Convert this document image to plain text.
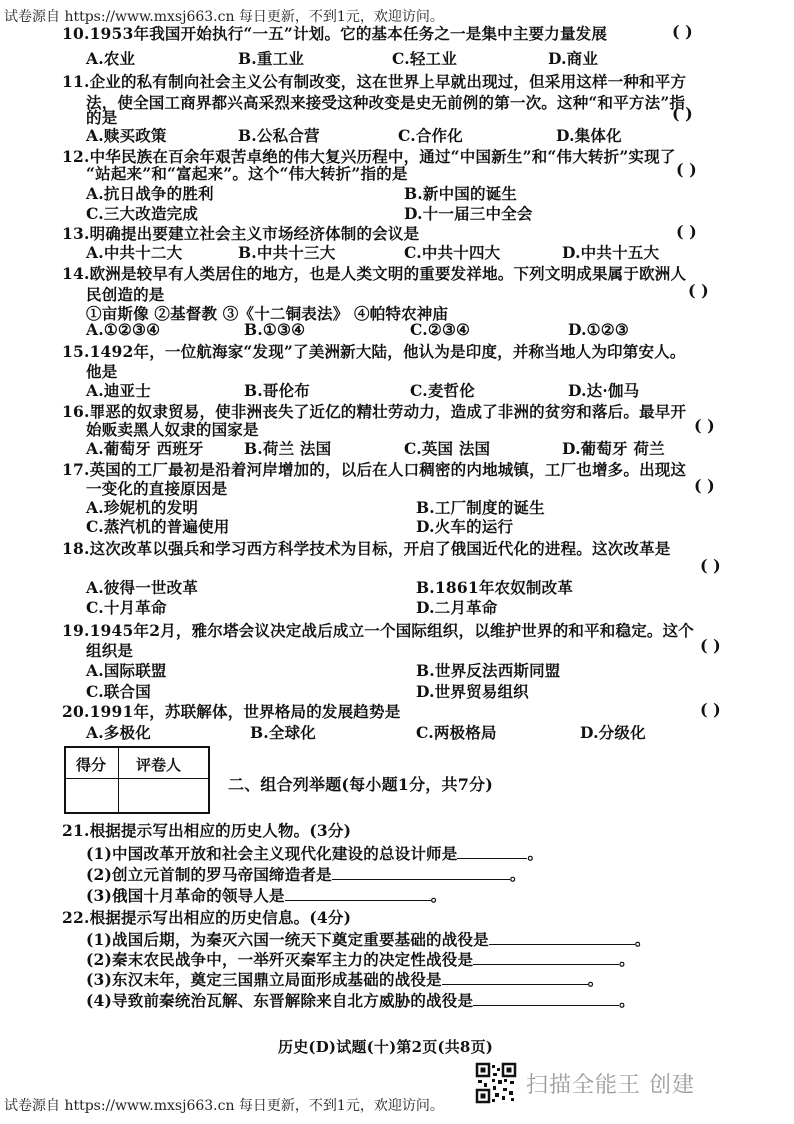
试卷源自 https://www.mxsj663.cn 每日更新，不到1元，欢迎访问。
10.1953年我国开始执行“一五”计划。它的基本任务之一是集中主要力量发展	( )
A.农业	B.重工业	C.轻工业	D.商业
11.企业的私有制向社会主义公有制改变，这在世界上早就出现过，但采用这样一种和平方
法，使全国工商界都兴高采烈来接受这种改变是史无前例的第一次。这种“和平方法”指
的是	( )
A.赎买政策	B.公私合营	C.合作化	D.集体化
12.中华民族在百余年艰苦卓绝的伟大复兴历程中，通过“中国新生”和“伟大转折”实现了
“站起来”和“富起来”。这个“伟大转折”指的是	( )
A.抗日战争的胜利	B.新中国的诞生
C.三大改造完成	D.十一届三中全会
13.明确提出要建立社会主义市场经济体制的会议是	( )
A.中共十二大	B.中共十三大	C.中共十四大	D.中共十五大
14.欧洲是较早有人类居住的地方，也是人类文明的重要发祥地。下列文明成果属于欧洲人
民创造的是	( )
①亩斯像 ②基督教 ③《十二铜表法》 ④帕特农神庙
A.①②③④	B.①③④	C.②③④	D.①②③
15.1492年，一位航海家“发现”了美洲新大陆，他认为是印度，并称当地人为印第安人。
他是
A.迪亚士	B.哥伦布	C.麦哲伦	D.达·伽马
16.罪恶的奴隶贸易，使非洲丧失了近亿的精壮劳动力，造成了非洲的贫穷和落后。最早开
始贩卖黑人奴隶的国家是	( )
A.葡萄牙 西班牙	B.荷兰 法国	C.英国 法国	D.葡萄牙 荷兰
17.英国的工厂最初是沿着河岸增加的，以后在人口稠密的内地城镇，工厂也增多。出现这
一变化的直接原因是	( )
A.珍妮机的发明	B.工厂制度的诞生
C.蒸汽机的普遍使用	D.火车的运行
18.这次改革以强兵和学习西方科学技术为目标，开启了俄国近代化的进程。这次改革是
( )
A.彼得一世改革	B.1861年农奴制改革
C.十月革命	D.二月革命
19.1945年2月，雅尔塔会议决定战后成立一个国际组织，以维护世界的和平和稳定。这个
组织是	( )
A.国际联盟	B.世界反法西斯同盟
C.联合国	D.世界贸易组织
20.1991年，苏联解体，世界格局的发展趋势是	( )
A.多极化	B.全球化	C.两极格局	D.分级化
得分 评卷人
二、组合列举题(每小题1分，共7分)
21.根据提示写出相应的历史人物。(3分)
(1)中国改革开放和社会主义现代化建设的总设计师是	。
(2)创立元首制的罗马帝国缔造者是	。
(3)俄国十月革命的领导人是	。
22.根据提示写出相应的历史信息。(4分)
(1)战国后期，为秦灭六国一统天下奠定重要基础的战役是	。
(2)秦末农民战争中，一举歼灭秦军主力的决定性战役是	。
(3)东汉末年，奠定三国鼎立局面形成基础的战役是	。
(4)导致前秦统治瓦解、东晋解除来自北方威胁的战役是	。
历史(D)试题(十)第2页(共8页)
试卷源自 https://www.mxsj663.cn 每日更新，不到1元，欢迎访问。
扫描全能王 创建
